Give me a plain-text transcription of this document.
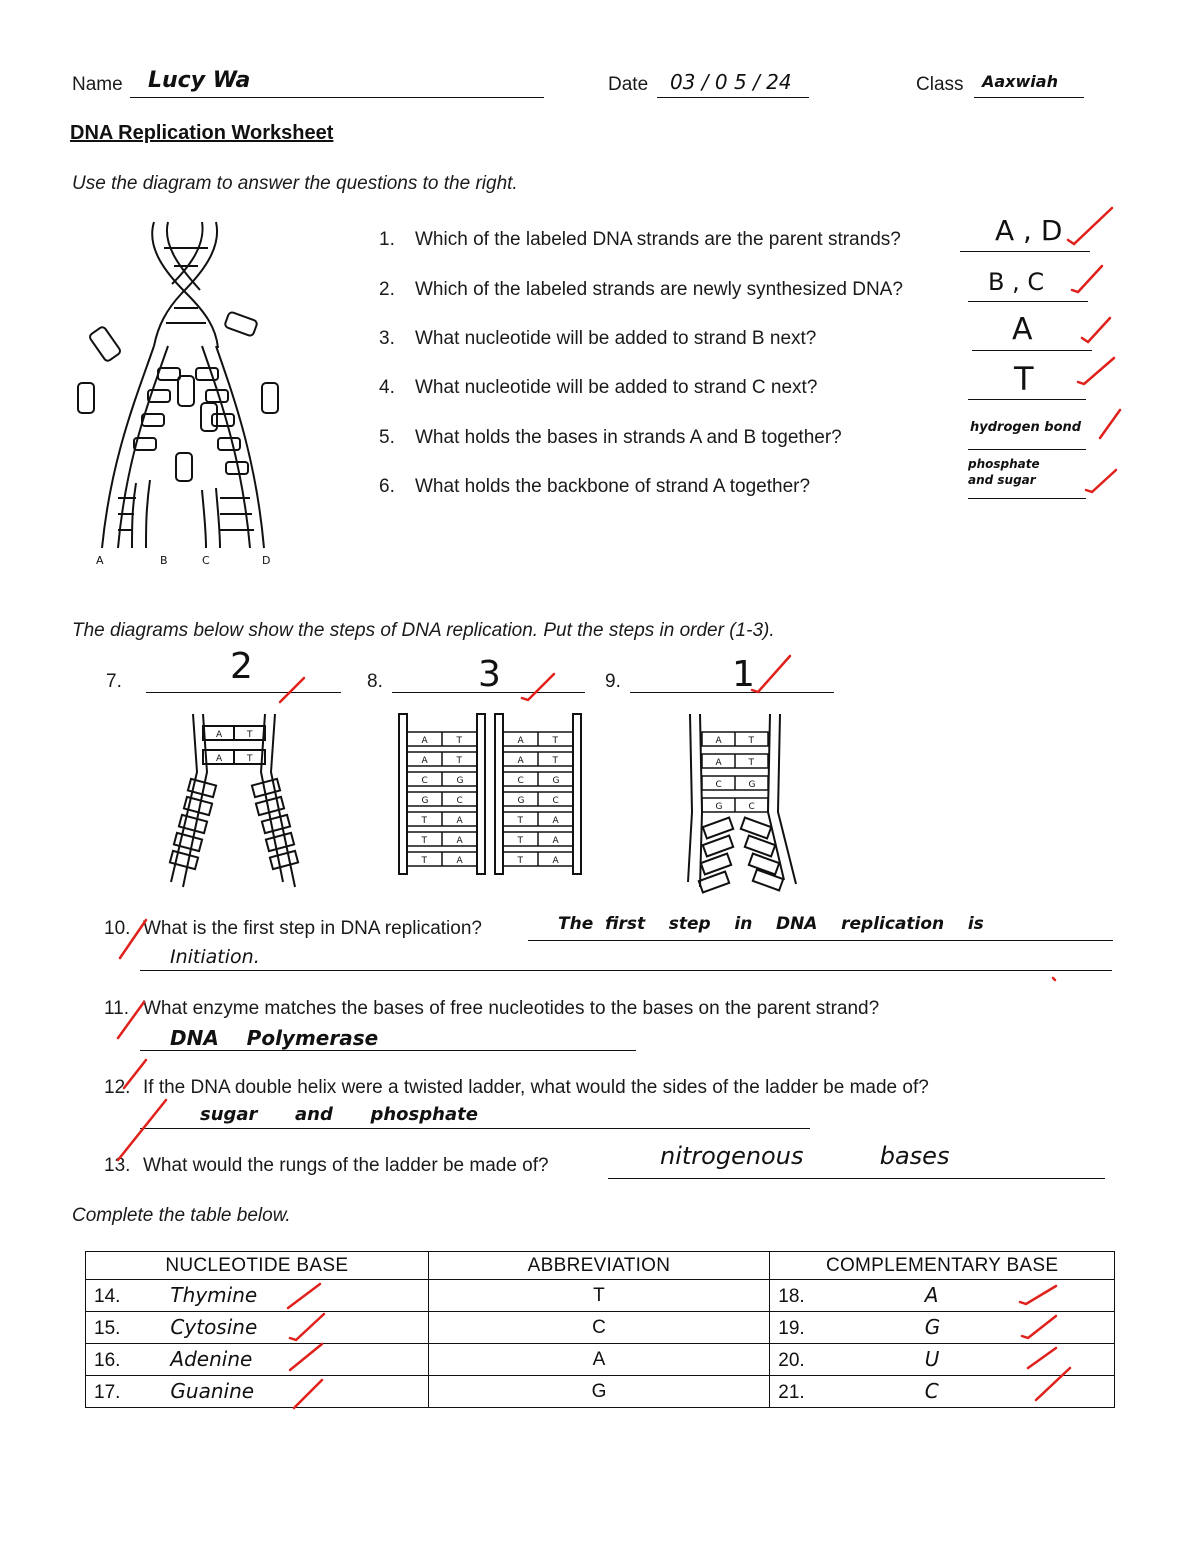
Name Lucy Wa	Date 03 / 0 5 / 24	Class Aaxwiah
DNA Replication Worksheet
Use the diagram to answer the questions to the right.
A	B	C	D
1. Which of the labeled DNA strands are the parent strands?	A , D
2. Which of the labeled strands are newly synthesized DNA?	B , C
3. What nucleotide will be added to strand B next?	A
4. What nucleotide will be added to strand C next?	T
5. What holds the bases in strands A and B together?	hydrogen bond
6. What holds the backbone of strand A together?
phosphate and sugar
The diagrams below show the steps of DNA replication. Put the steps in order (1-3).
7.	2	8.	3	9.	1
A	T
A	T
A	T
A	T
C	G
G	C
T	A
T	A
T	A
A	T
A	T
C	G
G	C
T	A
T	A
T	A
A	T
A	T
C	G
G	C
10. What is the first step in DNA replication?	The  first    step    in    DNA    replication    is
Initiation.
11. What enzyme matches the bases of free nucleotides to the bases on the parent strand?
DNA    Polymerase
12. If the DNA double helix were a twisted ladder, what would the sides of the ladder be made of?
sugar      and      phosphate
13. What would the rungs of the ladder be made of?	nitrogenous          bases
Complete the table below.
NUCLEOTIDE BASE	ABBREVIATION	COMPLEMENTARY BASE
14. Thymine	T	18. A
15. Cytosine	C	19. G
16. Adenine	A	20. U
17. Guanine	G	21. C
